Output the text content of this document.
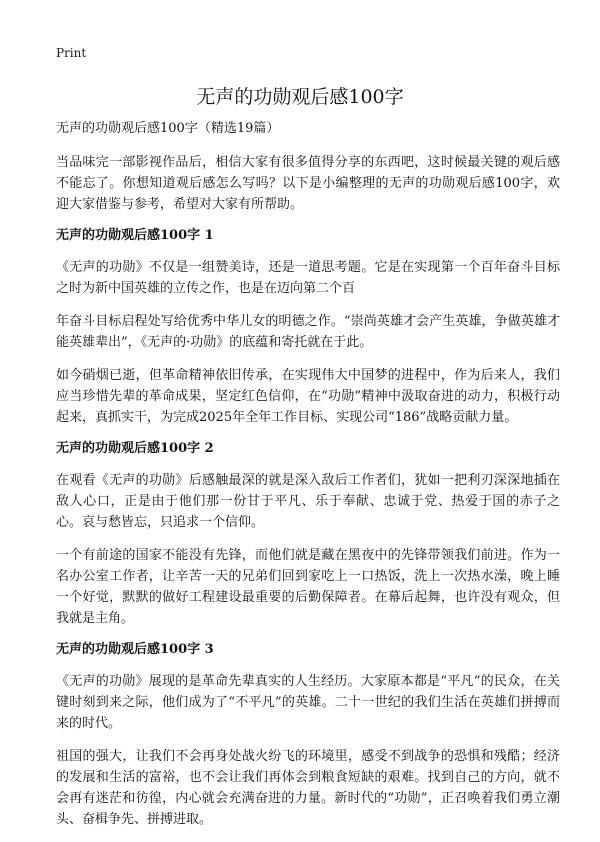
Print
无声的功勋观后感100字
无声的功勋观后感100字（精选19篇）

当品味完一部影视作品后，相信大家有很多值得分享的东西吧，这时候最关键的观后感不能忘了。你想知道观后感怎么写吗？以下是小编整理的无声的功勋观后感100字，欢迎大家借鉴与参考，希望对大家有所帮助。

无声的功勋观后感100字 1

《无声的功勋》不仅是一组赞美诗，还是一道思考题。它是在实现第一个百年奋斗目标之时为新中国英雄的立传之作，也是在迈向第二个百

年奋斗目标启程处写给优秀中华儿女的明德之作。“崇尚英雄才会产生英雄，争做英雄才能英雄辈出”，《无声的·功勋》的底蕴和寄托就在于此。

如今硝烟已逝，但革命精神依旧传承，在实现伟大中国梦的进程中，作为后来人，我们应当珍惜先辈的革命成果，坚定红色信仰，在“功勋”精神中汲取奋进的动力，积极行动起来，真抓实干，为完成2025年全年工作目标、实现公司“186”战略贡献力量。

无声的功勋观后感100字 2

在观看《无声的功勋》后感触最深的就是深入敌后工作者们，犹如一把利刃深深地插在敌人心口，正是由于他们那一份甘于平凡、乐于奉献、忠诚于党、热爱于国的赤子之心。哀与愁皆忘，只追求一个信仰。

一个有前途的国家不能没有先锋，而他们就是藏在黑夜中的先锋带领我们前进。作为一名办公室工作者，让辛苦一天的兄弟们回到家吃上一口热饭，洗上一次热水澡，晚上睡一个好觉，默默的做好工程建设最重要的后勤保障者。在幕后起舞，也许没有观众，但我就是主角。

无声的功勋观后感100字 3

《无声的功勋》展现的是革命先辈真实的人生经历。大家原本都是“平凡”的民众，在关键时刻到来之际，他们成为了“不平凡”的英雄。二十一世纪的我们生活在英雄们拼搏而来的时代。

祖国的强大，让我们不会再身处战火纷飞的环境里，感受不到战争的恐惧和残酷；经济的发展和生活的富裕，也不会让我们再体会到粮食短缺的艰难。找到自己的方向，就不会再有迷茫和彷徨，内心就会充满奋进的力量。新时代的“功勋”，正召唤着我们勇立潮头、奋楫争先、拼搏进取。
